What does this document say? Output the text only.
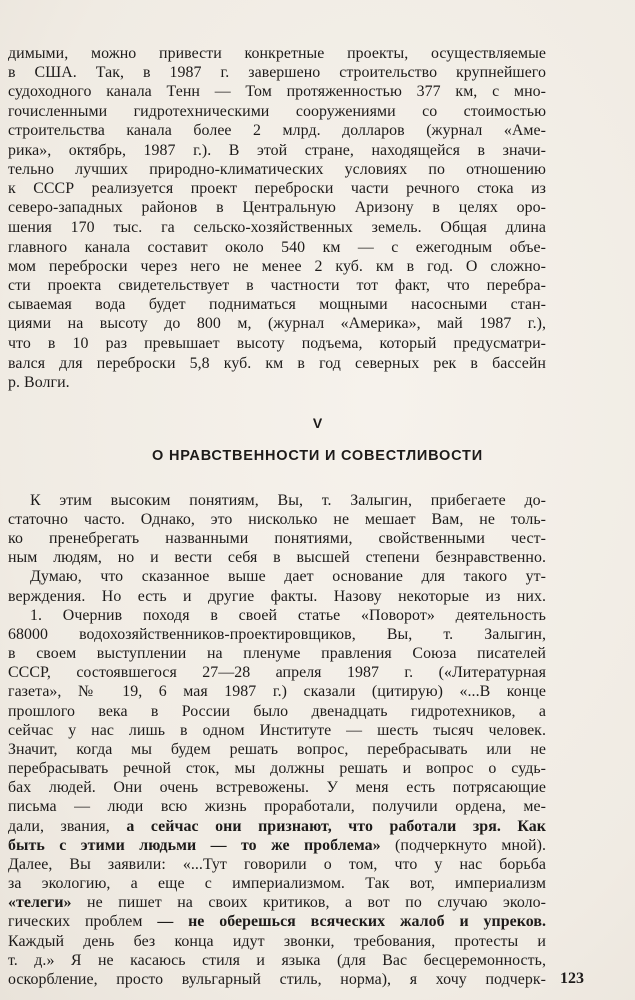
димыми, можно привести конкретные проекты, осуществляемые
в США. Так, в 1987 г. завершено строительство крупнейшего
судоходного канала Тенн — Том протяженностью 377 км, с мно-
гочисленными гидротехническими сооружениями со стоимостью
строительства канала более 2 млрд. долларов (журнал «Аме-
рика», октябрь, 1987 г.). В этой стране, находящейся в значи-
тельно лучших природно-климатических условиях по отношению
к СССР реализуется проект переброски части речного стока из
северо-западных районов в Центральную Аризону в целях оро-
шения 170 тыс. га сельско-хозяйственных земель. Общая длина
главного канала составит около 540 км — с ежегодным объе-
мом переброски через него не менее 2 куб. км в год. О сложно-
сти проекта свидетельствует в частности тот факт, что перебра-
сываемая вода будет подниматься мощными насосными стан-
циями на высоту до 800 м, (журнал «Америка», май 1987 г.),
что в 10 раз превышает высоту подъема, который предусматри-
вался для переброски 5,8 куб. км в год северных рек в бассейн
р. Волги.
V
О НРАВСТВЕННОСТИ И СОВЕСТЛИВОСТИ
К этим высоким понятиям, Вы, т. Залыгин, прибегаете до-
статочно часто. Однако, это нисколько не мешает Вам, не толь-
ко пренебрегать названными понятиями, свойственными чест-
ным людям, но и вести себя в высшей степени безнравственно.
Думаю, что сказанное выше дает основание для такого ут-
верждения. Но есть и другие факты. Назову некоторые из них.
1. Очернив походя в своей статье «Поворот» деятельность
68000 водохозяйственников-проектировщиков, Вы, т. Залыгин,
в своем выступлении на пленуме правления Союза писателей
СССР, состоявшегося 27—28 апреля 1987 г. («Литературная
газета», № 19, 6 мая 1987 г.) сказали (цитирую) «...В конце
прошлого века в России было двенадцать гидротехников, а
сейчас у нас лишь в одном Институте — шесть тысяч человек.
Значит, когда мы будем решать вопрос, перебрасывать или не
перебрасывать речной сток, мы должны решать и вопрос о судь-
бах людей. Они очень встревожены. У меня есть потрясающие
письма — люди всю жизнь проработали, получили ордена, ме-
дали, звания, а сейчас они признают, что работали зря. Как
быть с этими людьми — то же проблема» (подчеркнуто мной).
Далее, Вы заявили: «...Тут говорили о том, что у нас борьба
за экологию, а еще с империализмом. Так вот, империализм
«телеги» не пишет на своих критиков, а вот по случаю эколо-
гических проблем — не оберешься всяческих жалоб и упреков.
Каждый день без конца идут звонки, требования, протесты и
т. д.» Я не касаюсь стиля и языка (для Вас бесцеремонность,
оскорбление, просто вульгарный стиль, норма), я хочу подчерк- 123
